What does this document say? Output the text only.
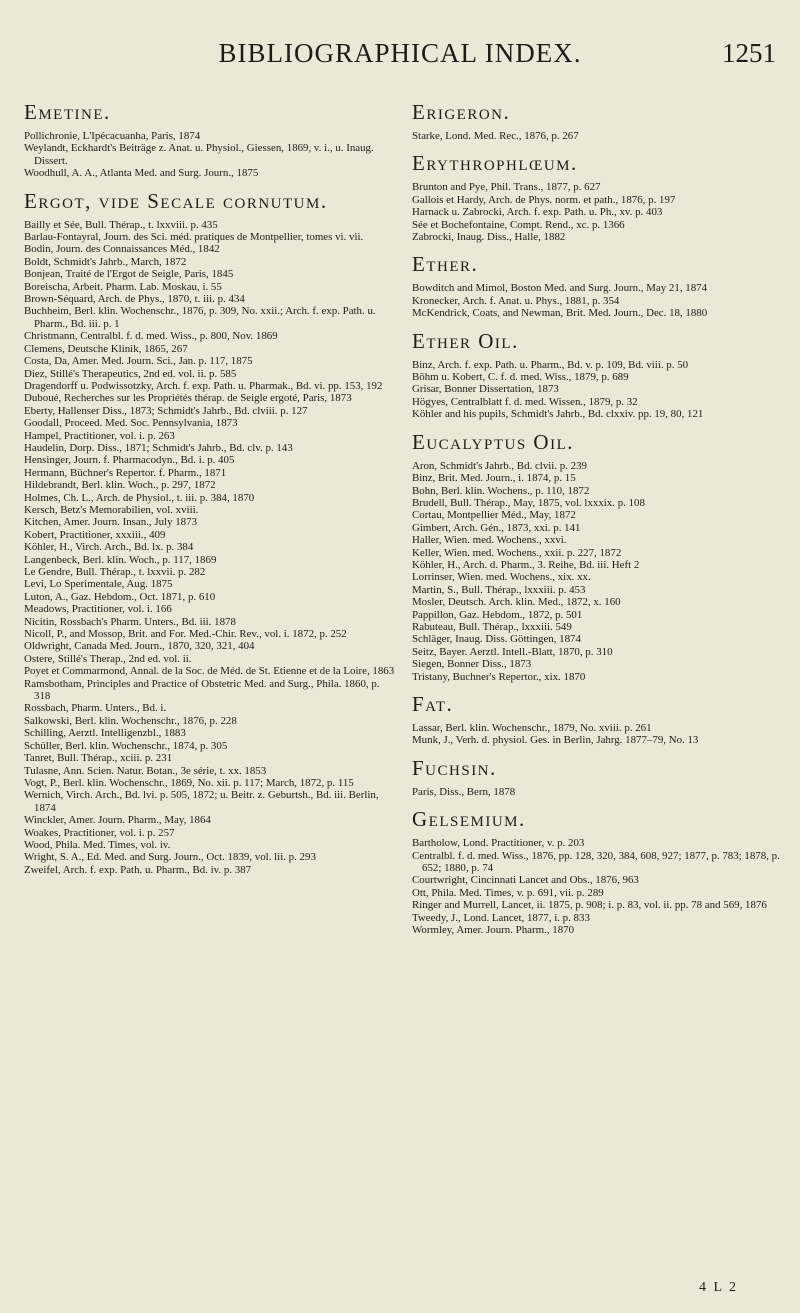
BIBLIOGRAPHICAL INDEX.	1251
Emetine.

Pollichronie, L'Ipécacuanha, Paris, 1874

Weylandt, Eckhardt's Beiträge z. Anat. u. Physiol., Giessen, 1869, v. i., u. Inaug. Dissert.

Woodhull, A. A., Atlanta Med. and Surg. Journ., 1875

Ergot, vide Secale cornutum.

Bailly et Sée, Bull. Thérap., t. lxxviii. p. 435

Barlau-Fontayral, Journ. des Sci. méd. pratiques de Montpellier, tomes vi. vii.

Bodin, Journ. des Connaissances Méd., 1842

Boldt, Schmidt's Jahrb., March, 1872

Bonjean, Traité de l'Ergot de Seigle, Paris, 1845

Boreischa, Arbeit. Pharm. Lab. Moskau, i. 55

Brown-Séquard, Arch. de Phys., 1870, t. iii. p. 434

Buchheim, Berl. klin. Wochenschr., 1876, p. 309, No. xxii.; Arch. f. exp. Path. u. Pharm., Bd. iii. p. 1

Christmann, Centralbl. f. d. med. Wiss., p. 800, Nov. 1869

Clemens, Deutsche Klinik, 1865, 267

Costa, Da, Amer. Med. Journ. Sci., Jan. p. 117, 1875

Diez, Stillé's Therapeutics, 2nd ed. vol. ii. p. 585

Dragendorff u. Podwissotzky, Arch. f. exp. Path. u. Pharmak., Bd. vi. pp. 153, 192

Duboué, Recherches sur les Propriétés thérap. de Seigle ergoté, Paris, 1873

Eberty, Hallenser Diss., 1873; Schmidt's Jahrb., Bd. clviii. p. 127

Goodall, Proceed. Med. Soc. Pennsylvania, 1873

Hampel, Practitioner, vol. i. p. 263

Haudelin, Dorp. Diss., 1871; Schmidt's Jahrb., Bd. clv. p. 143

Hensinger, Journ. f. Pharmacodyn., Bd. i. p. 405

Hermann, Büchner's Repertor. f. Pharm., 1871

Hildebrandt, Berl. klin. Woch., p. 297, 1872

Holmes, Ch. L., Arch. de Physiol., t. iii. p. 384, 1870

Kersch, Betz's Memorabilien, vol. xviii.

Kitchen, Amer. Journ. Insan., July 1873

Kobert, Practitioner, xxxiii., 409

Köhler, H., Virch. Arch., Bd. lx. p. 384

Langenbeck, Berl. klin. Woch., p. 117, 1869

Le Gendre, Bull. Thérap., t. lxxvii. p. 282

Levi, Lo Sperimentale, Aug. 1875

Luton, A., Gaz. Hebdom., Oct. 1871, p. 610

Meadows, Practitioner, vol. i. 166

Nicitin, Rossbach's Pharm. Unters., Bd. iii. 1878

Nicoll, P., and Mossop, Brit. and For. Med.-Chir. Rev., vol. i. 1872, p. 252

Oldwright, Canada Med. Journ., 1870, 320, 321, 404

Ostere, Stillé's Therap., 2nd ed. vol. ii.

Poyet et Commarmond, Annal. de la Soc. de Méd. de St. Etienne et de la Loire, 1863

Ramsbotham, Principles and Practice of Obstetric Med. and Surg., Phila. 1860, p. 318

Rossbach, Pharm. Unters., Bd. i.

Salkowski, Berl. klin. Wochenschr., 1876, p. 228

Schilling, Aerztl. Intelligenzbl., 1883

Schüller, Berl. klin. Wochenschr., 1874, p. 305

Tanret, Bull. Thérap., xciii. p. 231

Tulasne, Ann. Scien. Natur. Botan., 3e série, t. xx. 1853

Vogt, P., Berl. klin. Wochenschr., 1869, No. xii. p. 117; March, 1872, p. 115

Wernich, Virch. Arch., Bd. lvi. p. 505, 1872; u. Beitr. z. Geburtsh., Bd. iii. Berlin, 1874

Winckler, Amer. Journ. Pharm., May, 1864

Woakes, Practitioner, vol. i. p. 257

Wood, Phila. Med. Times, vol. iv.

Wright, S. A., Ed. Med. and Surg. Journ., Oct. 1839, vol. lii. p. 293

Zweifel, Arch. f. exp. Path. u. Pharm., Bd. iv. p. 387

Erigeron.

Starke, Lond. Med. Rec., 1876, p. 267

Erythrophlœum.

Brunton and Pye, Phil. Trans., 1877, p. 627

Gallois et Hardy, Arch. de Phys. norm. et path., 1876, p. 197

Harnack u. Zabrocki, Arch. f. exp. Path. u. Ph., xv. p. 403

Sée et Bochefontaine, Compt. Rend., xc. p. 1366

Zabrocki, Inaug. Diss., Halle, 1882

Ether.

Bowditch and Mimol, Boston Med. and Surg. Journ., May 21, 1874

Kronecker, Arch. f. Anat. u. Phys., 1881, p. 354

McKendrick, Coats, and Newman, Brit. Med. Journ., Dec. 18, 1880

Ether Oil.

Binz, Arch. f. exp. Path. u. Pharm., Bd. v. p. 109, Bd. viii. p. 50

Böhm u. Kobert, C. f. d. med. Wiss., 1879, p. 689

Grisar, Bonner Dissertation, 1873

Högyes, Centralblatt f. d. med. Wissen., 1879, p. 32

Köhler and his pupils, Schmidt's Jahrb., Bd. clxxiv. pp. 19, 80, 121

Eucalyptus Oil.

Aron, Schmidt's Jahrb., Bd. clvii. p. 239

Binz, Brit. Med. Journ., i. 1874, p. 15

Bohn, Berl. klin. Wochens., p. 110, 1872

Brudell, Bull. Thérap., May, 1875, vol. lxxxix. p. 108

Cortau, Montpellier Méd., May, 1872

Gimbert, Arch. Gén., 1873, xxi. p. 141

Haller, Wien. med. Wochens., xxvi.

Keller, Wien. med. Wochens., xxii. p. 227, 1872

Köhler, H., Arch. d. Pharm., 3. Reihe, Bd. iii. Heft 2

Lorrinser, Wien. med. Wochens., xix. xx.

Martin, S., Bull. Thérap., lxxxiii. p. 453

Mosler, Deutsch. Arch. klin. Med., 1872, x. 160

Pappillon, Gaz. Hebdom., 1872, p. 501

Rabuteau, Bull. Thérap., lxxxiii. 549

Schläger, Inaug. Diss. Göttingen, 1874

Seitz, Bayer. Aerztl. Intell.-Blatt, 1870, p. 310

Siegen, Bonner Diss., 1873

Tristany, Buchner's Repertor., xix. 1870

Fat.

Lassar, Berl. klin. Wochenschr., 1879, No. xviii. p. 261

Munk, J., Verh. d. physiol. Ges. in Berlin, Jahrg. 1877–79, No. 13

Fuchsin.

Paris, Diss., Bern, 1878

Gelsemium.

Bartholow, Lond. Practitioner, v. p. 203

Centralbl. f. d. med. Wiss., 1876, pp. 128, 320, 384, 608, 927; 1877, p. 783; 1878, p. 652; 1880, p. 74

Courtwright, Cincinnati Lancet and Obs., 1876, 963

Ott, Phila. Med. Times, v. p. 691, vii. p. 289

Ringer and Murrell, Lancet, ii. 1875, p. 908; i. p. 83, vol. ii. pp. 78 and 569, 1876

Tweedy, J., Lond. Lancet, 1877, i. p. 833

Wormley, Amer. Journ. Pharm., 1870

4 L 2
